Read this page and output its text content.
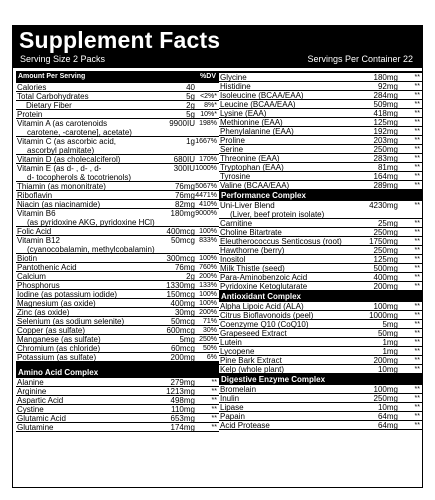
Supplement Facts
Serving Size 2 Packs	Servings Per Container 22
Amount Per Serving	%DV
Calories	40
Total Carbohydrates	5g <2%*
Dietary Fiber	2g 8%*
Protein	5g 10%*
Vitamin A (as carotenoids
carotene, -carotene], acetate)
9900IU 198%
Vitamin C (as ascorbic acid,
ascorbyl palmitate)
1g 1667%
Vitamin D (as cholecalciferol)	680IU 170%
Vitamin E (as d- , d- , d-
d- tocopherols & tocotrienols)
300IU 1000%
Thiamin (as mononitrate)	76mg 5067%
Riboflavin	76mg 4471%
Niacin (as niacinamide)	82mg 410%
Vitamin B6
(as pyridoxine AKG, pyridoxine HCl)
180mg 9000%
Folic Acid	400mcg 100%
Vitamin B12
(cyanocobalamin, methylcobalamin)
50mcg 833%
Biotin	300mcg 100%
Pantothenic Acid	76mg 760%
Calcium	2g 200%
Phosphorus	1330mg 133%
Iodine (as potassium iodide)	150mcg 100%
Magnesium (as oxide)	400mg 100%
Zinc (as oxide)	30mg 200%
Selenium (as sodium selenite)	50mcg 71%
Copper (as sulfate)	600mcg 30%
Manganese (as sulfate)	5mg 250%
Chromium (as chloride)	60mcg 50%
Potassium (as sulfate)	200mg 6%
Amino Acid Complex
Alanine	279mg **
Arginine	1213mg **
Aspartic Acid	498mg **
Cystine	110mg **
Glutamic Acid	653mg **
Glutamine	174mg **
Glycine	180mg **
Histidine	92mg **
Isoleucine (BCAA/EAA)	284mg **
Leucine (BCAA/EAA)	509mg **
Lysine (EAA)	418mg **
Methionine (EAA)	125mg **
Phenylalanine (EAA)	192mg **
Proline	203mg **
Serine	250mg **
Threonine (EAA)	283mg **
Tryptophan (EAA)	81mg **
Tyrosine	164mg **
Valine (BCAA/EAA)	289mg **
Performance Complex
Uni-Liver Blend
(Liver, beef protein isolate)
4230mg **
Carnitine	25mg **
Choline Bitartrate	250mg **
Eleutherococcus Senticosus (root)	1750mg **
Hawthorne (berry)	250mg **
Inositol	125mg **
Milk Thistle (seed)	500mg **
Para-Aminobenzoic Acid	400mg **
Pyridoxine Ketoglutarate	200mg **
Antioxidant Complex
Alpha Lipoic Acid (ALA)	100mg **
Citrus Bioflavonoids (peel)	1000mg **
Coenzyme Q10 (CoQ10)	5mg **
Grapeseed Extract	50mg **
Lutein	1mg **
Lycopene	1mg **
Pine Bark Extract	200mg **
Kelp (whole plant)	10mg **
Digestive Enzyme Complex
Bromelain	100mg **
Inulin	250mg **
Lipase	10mg **
Papain	64mg **
Acid Protease	64mg **
